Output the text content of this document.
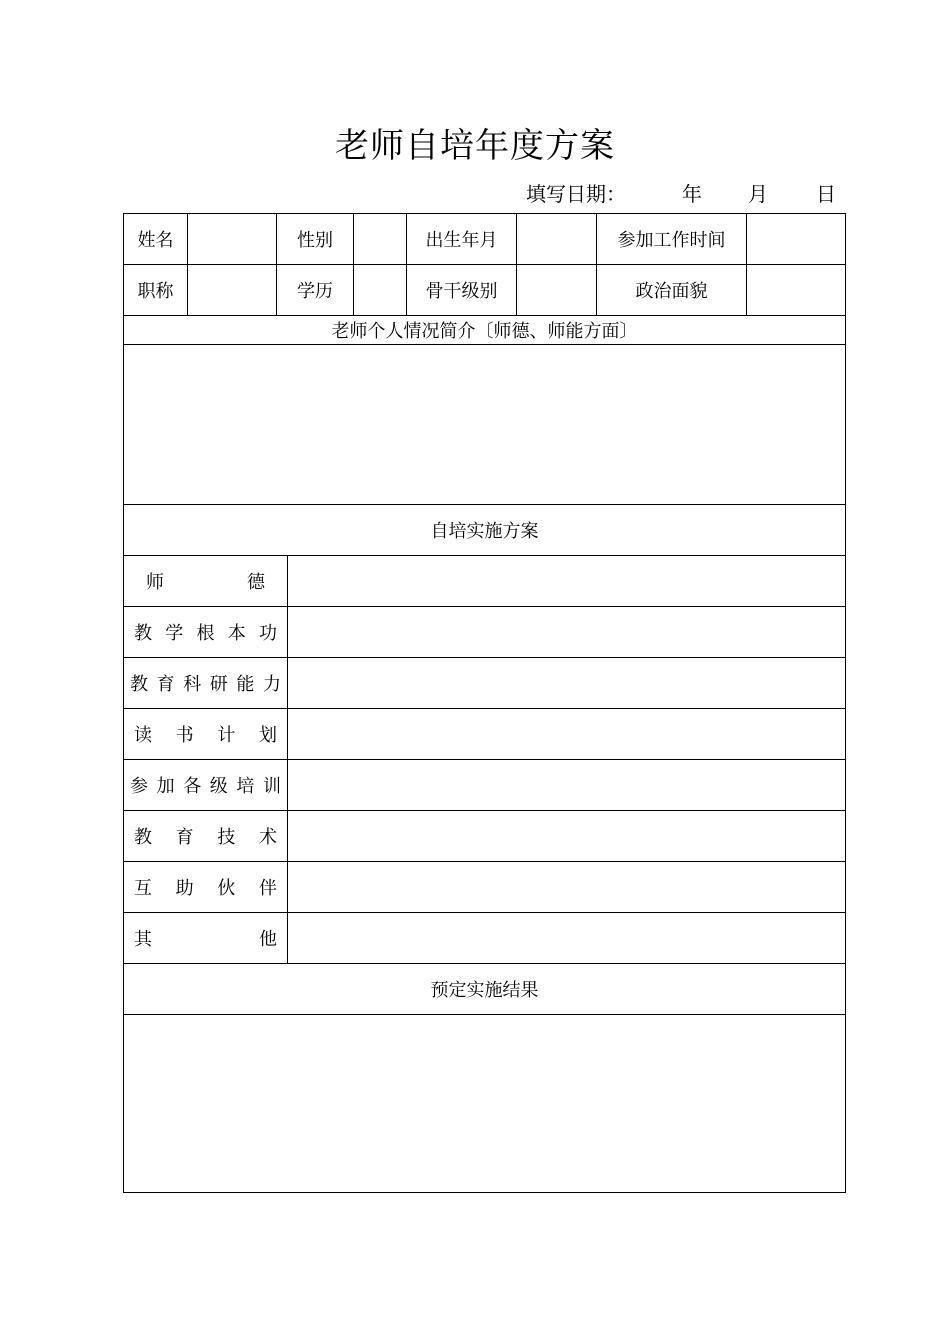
老师自培年度方案
填写日期：	年 月 日
姓名		性别			出生年月		参加工作时间	
职称		学历			骨干级别		政治面貌	
老师个人情况简介〔师德、师能方面〕								

自培实施方案								
师　德								
教学根本功								
教育科研能力								
读书计划								
参加各级培训								
教育技术								
互助伙伴								
其　他								
预定实施结果								
